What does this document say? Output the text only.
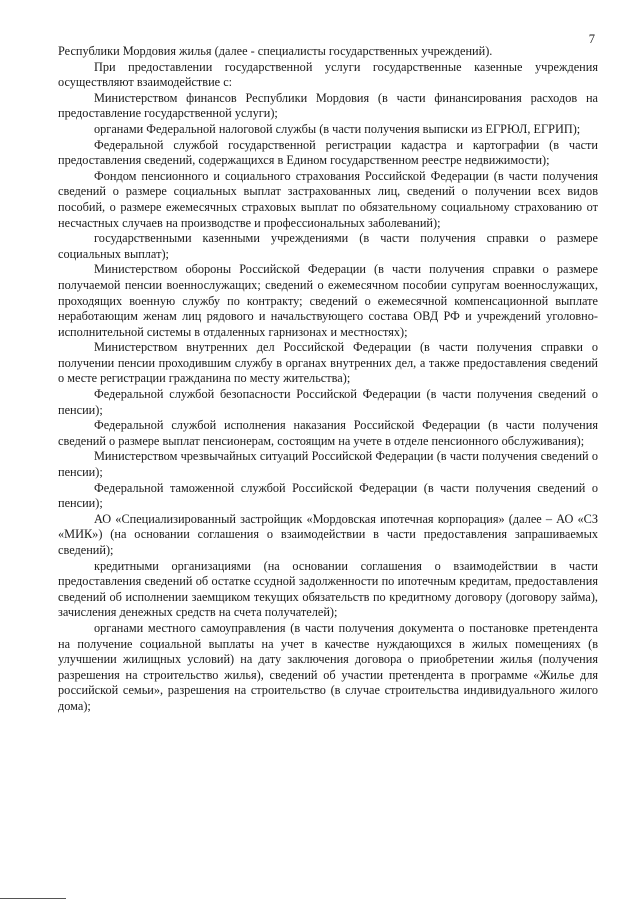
7

Республики Мордовия жилья (далее - специалисты государственных учреждений).

При предоставлении государственной услуги государственные казенные учреждения осуществляют взаимодействие с:

Министерством финансов Республики Мордовия (в части финансирования расходов на предоставление государственной услуги);

органами Федеральной налоговой службы (в части получения выписки из ЕГРЮЛ, ЕГРИП);

Федеральной службой государственной регистрации кадастра и картографии (в части предоставления сведений, содержащихся в Едином государственном реестре недвижимости);

Фондом пенсионного и социального страхования Российской Федерации (в части получения сведений о размере социальных выплат застрахованных лиц, сведений о получении всех видов пособий, о размере ежемесячных страховых выплат по обязательному социальному страхованию от несчастных случаев на производстве и профессиональных заболеваний);

государственными казенными учреждениями (в части получения справки о размере социальных выплат);

Министерством обороны Российской Федерации (в части получения справки о размере получаемой пенсии военнослужащих; сведений о ежемесячном пособии супругам военнослужащих, проходящих военную службу по контракту; сведений о ежемесячной компенсационной выплате неработающим женам лиц рядового и начальствующего состава ОВД РФ и учреждений уголовно-исполнительной системы в отдаленных гарнизонах и местностях);

Министерством внутренних дел Российской Федерации (в части получения справки о получении пенсии проходившим службу в органах внутренних дел, а также предоставления сведений о месте регистрации гражданина по месту жительства);

Федеральной службой безопасности Российской Федерации (в части получения сведений о пенсии);

Федеральной службой исполнения наказания Российской Федерации (в части получения сведений о размере выплат пенсионерам, состоящим на учете в отделе пенсионного обслуживания);

Министерством чрезвычайных ситуаций Российской Федерации (в части получения сведений о пенсии);

Федеральной таможенной службой Российской Федерации (в части получения сведений о пенсии);

АО «Специализированный застройщик «Мордовская ипотечная корпорация» (далее – АО «СЗ «МИК») (на основании соглашения о взаимодействии в части предоставления запрашиваемых сведений);

кредитными организациями (на основании соглашения о взаимодействии в части предоставления сведений об остатке ссудной задолженности по ипотечным кредитам, предоставления сведений об исполнении заемщиком текущих обязательств по кредитному договору (договору займа), зачисления денежных средств на счета получателей);

органами местного самоуправления (в части получения документа о постановке претендента на получение социальной выплаты на учет в качестве нуждающихся в жилых помещениях (в улучшении жилищных условий) на дату заключения договора о приобретении жилья (получения разрешения на строительство жилья), сведений об участии претендента в программе «Жилье для российской семьи», разрешения на строительство (в случае строительства индивидуального жилого дома);
